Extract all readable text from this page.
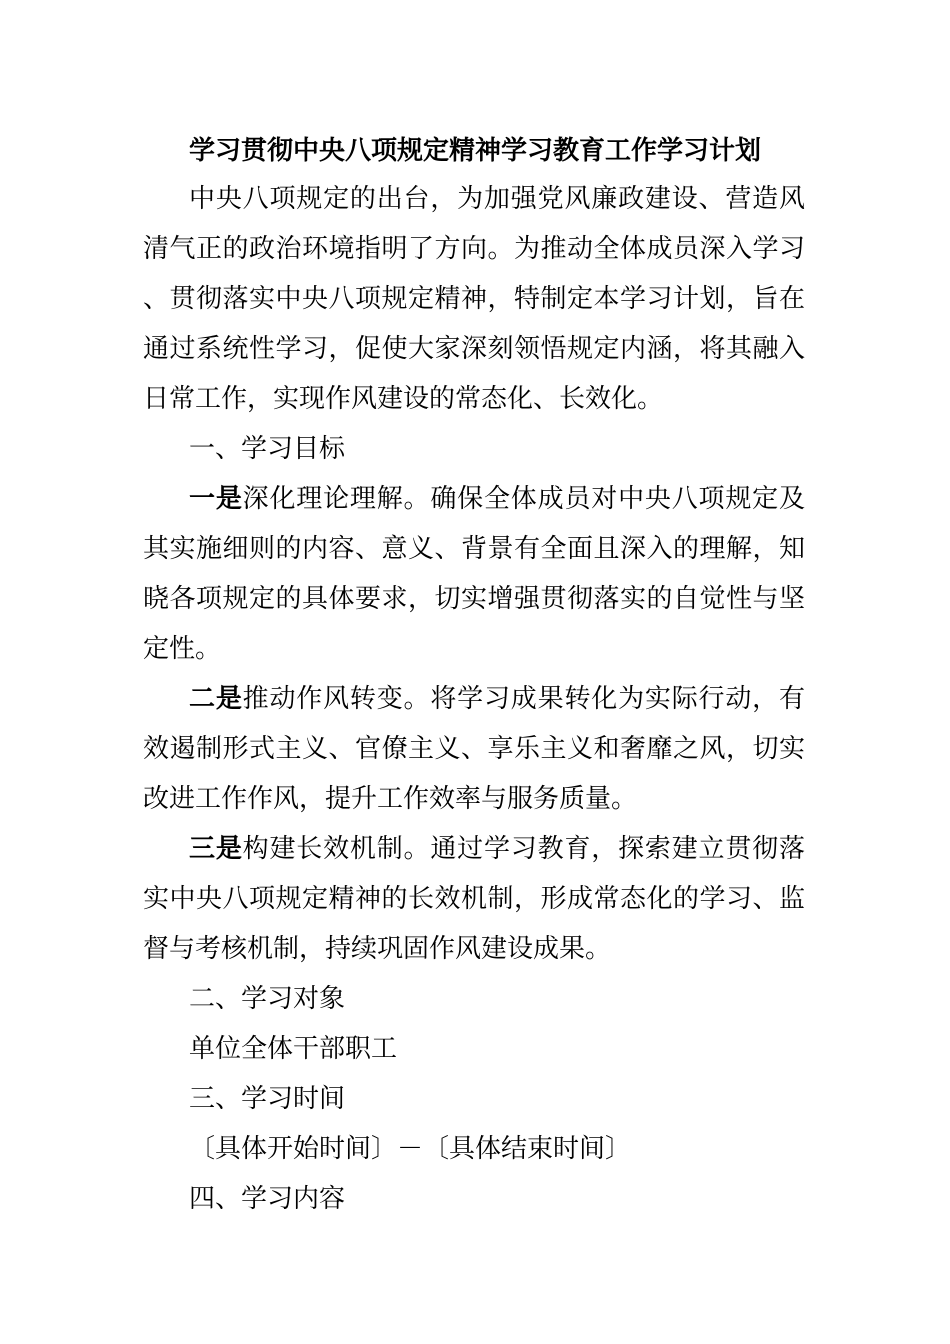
学习贯彻中央八项规定精神学习教育工作学习计划

中央八项规定的出台，为加强党风廉政建设、营造风清气正的政治环境指明了方向。为推动全体成员深入学习、贯彻落实中央八项规定精神，特制定本学习计划，旨在通过系统性学习，促使大家深刻领悟规定内涵，将其融入日常工作，实现作风建设的常态化、长效化。

一、学习目标

一是深化理论理解。确保全体成员对中央八项规定及其实施细则的内容、意义、背景有全面且深入的理解，知晓各项规定的具体要求，切实增强贯彻落实的自觉性与坚定性。

二是推动作风转变。将学习成果转化为实际行动，有效遏制形式主义、官僚主义、享乐主义和奢靡之风，切实改进工作作风，提升工作效率与服务质量。

三是构建长效机制。通过学习教育，探索建立贯彻落实中央八项规定精神的长效机制，形成常态化的学习、监督与考核机制，持续巩固作风建设成果。

二、学习对象

单位全体干部职工

三、学习时间

〔具体开始时间〕－〔具体结束时间〕

四、学习内容
